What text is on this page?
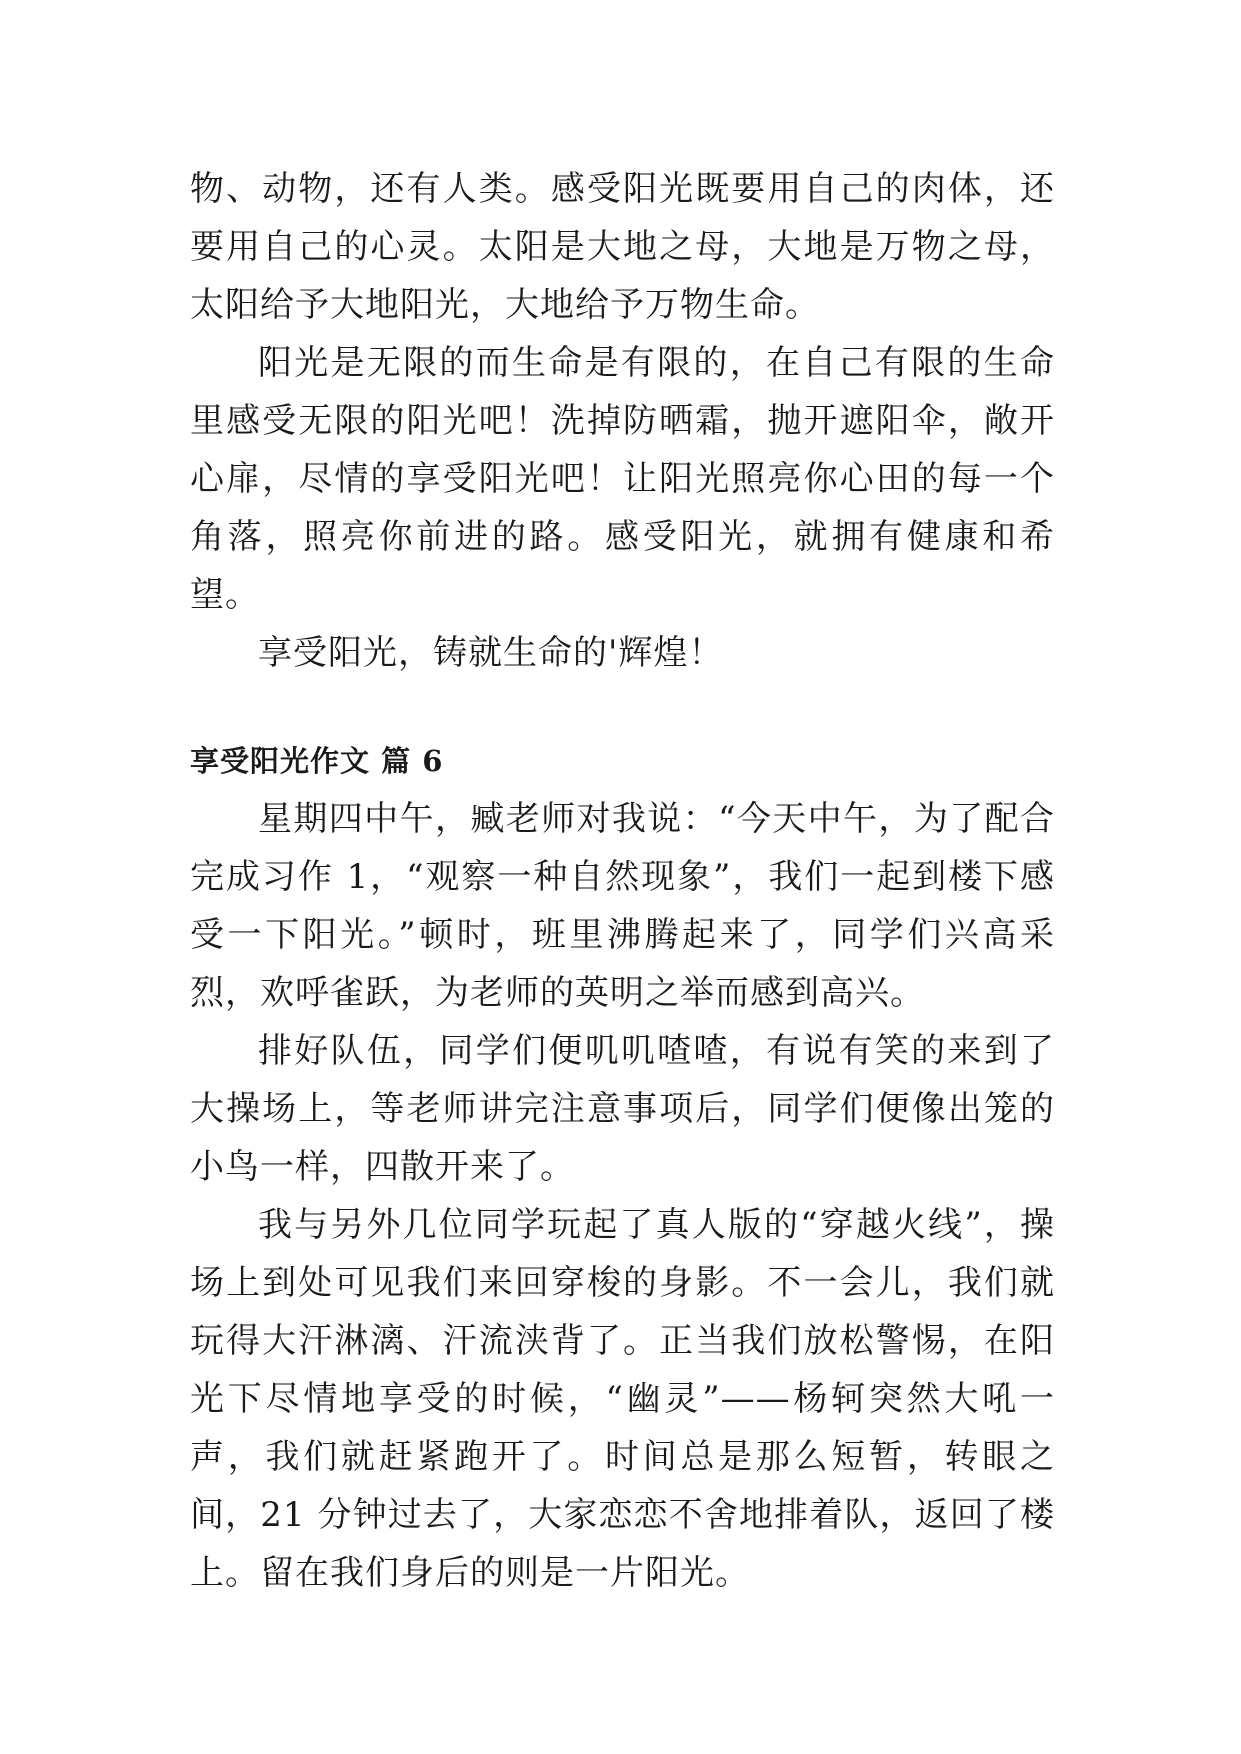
物、动物，还有人类。感受阳光既要用自己的肉体，还要用自己的心灵。太阳是大地之母，大地是万物之母，太阳给予大地阳光，大地给予万物生命。

阳光是无限的而生命是有限的，在自己有限的生命里感受无限的阳光吧！洗掉防晒霜，抛开遮阳伞，敞开心扉，尽情的享受阳光吧！让阳光照亮你心田的每一个角落，照亮你前进的路。感受阳光，就拥有健康和希望。

享受阳光，铸就生命的'辉煌！

享受阳光作文 篇 6

星期四中午，臧老师对我说：“今天中午，为了配合完成习作 1，“观察一种自然现象”，我们一起到楼下感受一下阳光。”顿时，班里沸腾起来了，同学们兴高采烈，欢呼雀跃，为老师的英明之举而感到高兴。

排好队伍，同学们便叽叽喳喳，有说有笑的来到了大操场上，等老师讲完注意事项后，同学们便像出笼的小鸟一样，四散开来了。

我与另外几位同学玩起了真人版的“穿越火线”，操场上到处可见我们来回穿梭的身影。不一会儿，我们就玩得大汗淋漓、汗流浃背了。正当我们放松警惕，在阳光下尽情地享受的时候，“幽灵”——杨轲突然大吼一声，我们就赶紧跑开了。时间总是那么短暂，转眼之间，21 分钟过去了，大家恋恋不舍地排着队，返回了楼上。留在我们身后的则是一片阳光。
